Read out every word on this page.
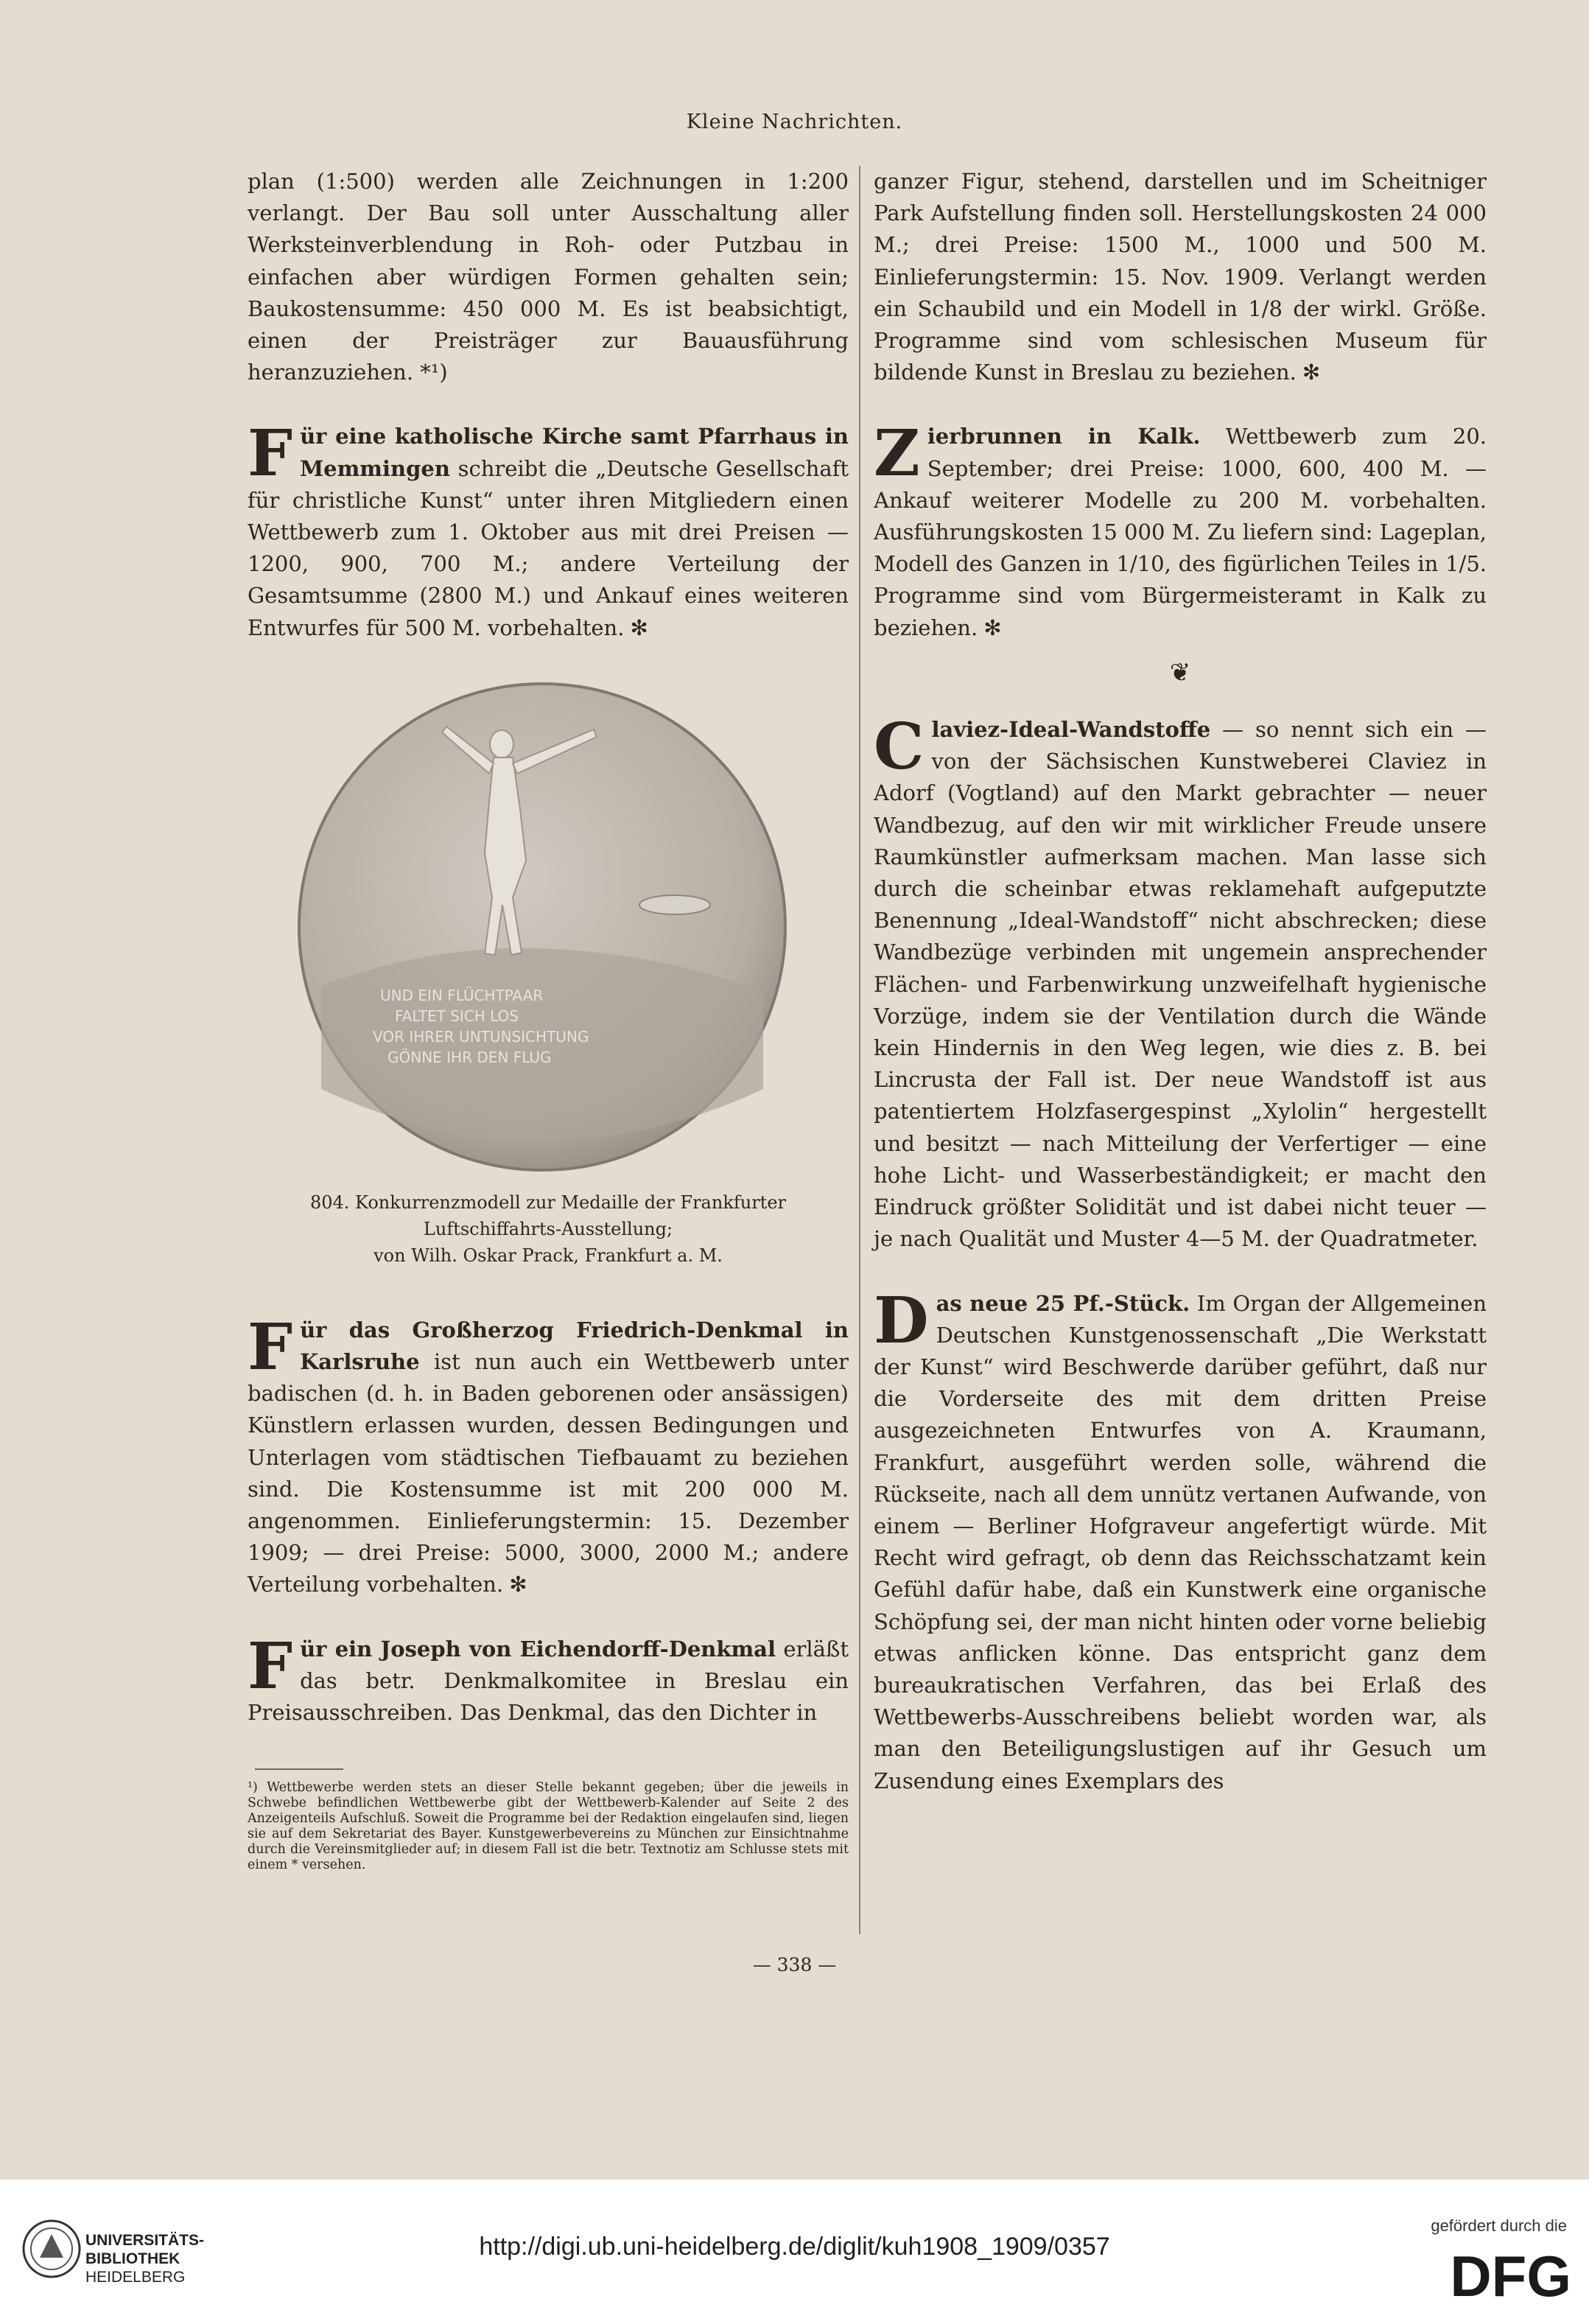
Kleine Nachrichten.

plan (1:500) werden alle Zeichnungen in 1:200 verlangt. Der Bau soll unter Ausschaltung aller Werksteinverblendung in Roh- oder Putzbau in einfachen aber würdigen Formen gehalten sein; Baukostensumme: 450 000 M. Es ist beabsichtigt, einen der Preisträger zur Bauausführung heranzuziehen. *¹)

F ür eine katholische Kirche samt Pfarrhaus in Memmingen schreibt die „Deutsche Gesellschaft für christliche Kunst“ unter ihren Mitgliedern einen Wettbewerb zum 1. Oktober aus mit drei Preisen — 1200, 900, 700 M.; andere Verteilung der Gesamtsumme (2800 M.) und Ankauf eines weiteren Entwurfes für 500 M. vorbehalten. ✻

UND EIN FLÜCHTPAAR
FALTET SICH LOS
VOR IHRER UNTUNSICHTUNG
GÖNNE IHR DEN FLUG
804. Konkurrenzmodell zur Medaille der Frankfurter
Luftschiffahrts-Ausstellung;
von Wilh. Oskar Prack, Frankfurt a. M.
F ür das Großherzog Friedrich-Denkmal in Karlsruhe ist nun auch ein Wettbewerb unter badischen (d. h. in Baden geborenen oder ansässigen) Künstlern erlassen wurden, dessen Bedingungen und Unterlagen vom städtischen Tiefbauamt zu beziehen sind. Die Kostensumme ist mit 200 000 M. angenommen. Einlieferungstermin: 15. Dezember 1909; — drei Preise: 5000, 3000, 2000 M.; andere Verteilung vorbehalten. ✻

F ür ein Joseph von Eichendorff-Denkmal erläßt das betr. Denkmalkomitee in Breslau ein Preisausschreiben. Das Denkmal, das den Dichter in

¹) Wettbewerbe werden stets an dieser Stelle bekannt gegeben; über die jeweils in Schwebe befindlichen Wettbewerbe gibt der Wettbewerb-Kalender auf Seite 2 des Anzeigenteils Aufschluß. Soweit die Programme bei der Redaktion eingelaufen sind, liegen sie auf dem Sekretariat des Bayer. Kunstgewerbevereins zu München zur Einsichtnahme durch die Vereinsmitglieder auf; in diesem Fall ist die betr. Textnotiz am Schlusse stets mit einem * versehen.

ganzer Figur, stehend, darstellen und im Scheitniger Park Aufstellung finden soll. Herstellungskosten 24 000 M.; drei Preise: 1500 M., 1000 und 500 M. Einlieferungstermin: 15. Nov. 1909. Verlangt werden ein Schaubild und ein Modell in 1/8 der wirkl. Größe. Programme sind vom schlesischen Museum für bildende Kunst in Breslau zu beziehen. ✻

Z ierbrunnen in Kalk. Wettbewerb zum 20. September; drei Preise: 1000, 600, 400 M. — Ankauf weiterer Modelle zu 200 M. vorbehalten. Ausführungskosten 15 000 M. Zu liefern sind: Lageplan, Modell des Ganzen in 1/10, des figürlichen Teiles in 1/5. Programme sind vom Bürgermeisteramt in Kalk zu beziehen. ✻

❦
C laviez-Ideal-Wandstoffe — so nennt sich ein — von der Sächsischen Kunstweberei Claviez in Adorf (Vogtland) auf den Markt gebrachter — neuer Wandbezug, auf den wir mit wirklicher Freude unsere Raumkünstler aufmerksam machen. Man lasse sich durch die scheinbar etwas reklamehaft aufgeputzte Benennung „Ideal-Wandstoff“ nicht abschrecken; diese Wandbezüge verbinden mit ungemein ansprechender Flächen- und Farbenwirkung unzweifelhaft hygienische Vorzüge, indem sie der Ventilation durch die Wände kein Hindernis in den Weg legen, wie dies z. B. bei Lincrusta der Fall ist. Der neue Wandstoff ist aus patentiertem Holzfasergespinst „Xylolin“ hergestellt und besitzt — nach Mitteilung der Verfertiger — eine hohe Licht- und Wasserbeständigkeit; er macht den Eindruck größter Solidität und ist dabei nicht teuer — je nach Qualität und Muster 4—5 M. der Quadratmeter.

D as neue 25 Pf.-Stück. Im Organ der Allgemeinen Deutschen Kunstgenossenschaft „Die Werkstatt der Kunst“ wird Beschwerde darüber geführt, daß nur die Vorderseite des mit dem dritten Preise ausgezeichneten Entwurfes von A. Kraumann, Frankfurt, ausgeführt werden solle, während die Rückseite, nach all dem unnütz vertanen Aufwande, von einem — Berliner Hofgraveur angefertigt würde. Mit Recht wird gefragt, ob denn das Reichsschatzamt kein Gefühl dafür habe, daß ein Kunstwerk eine organische Schöpfung sei, der man nicht hinten oder vorne beliebig etwas anflicken könne. Das entspricht ganz dem bureaukratischen Verfahren, das bei Erlaß des Wettbewerbs-Ausschreibens beliebt worden war, als man den Beteiligungslustigen auf ihr Gesuch um Zusendung eines Exemplars des

— 338 —
UNIVERSITÄTS-
BIBLIOTHEK
HEIDELBERG
http://digi.ub.uni-heidelberg.de/diglit/kuh1908_1909/0357
gefördert durch die
DFG
